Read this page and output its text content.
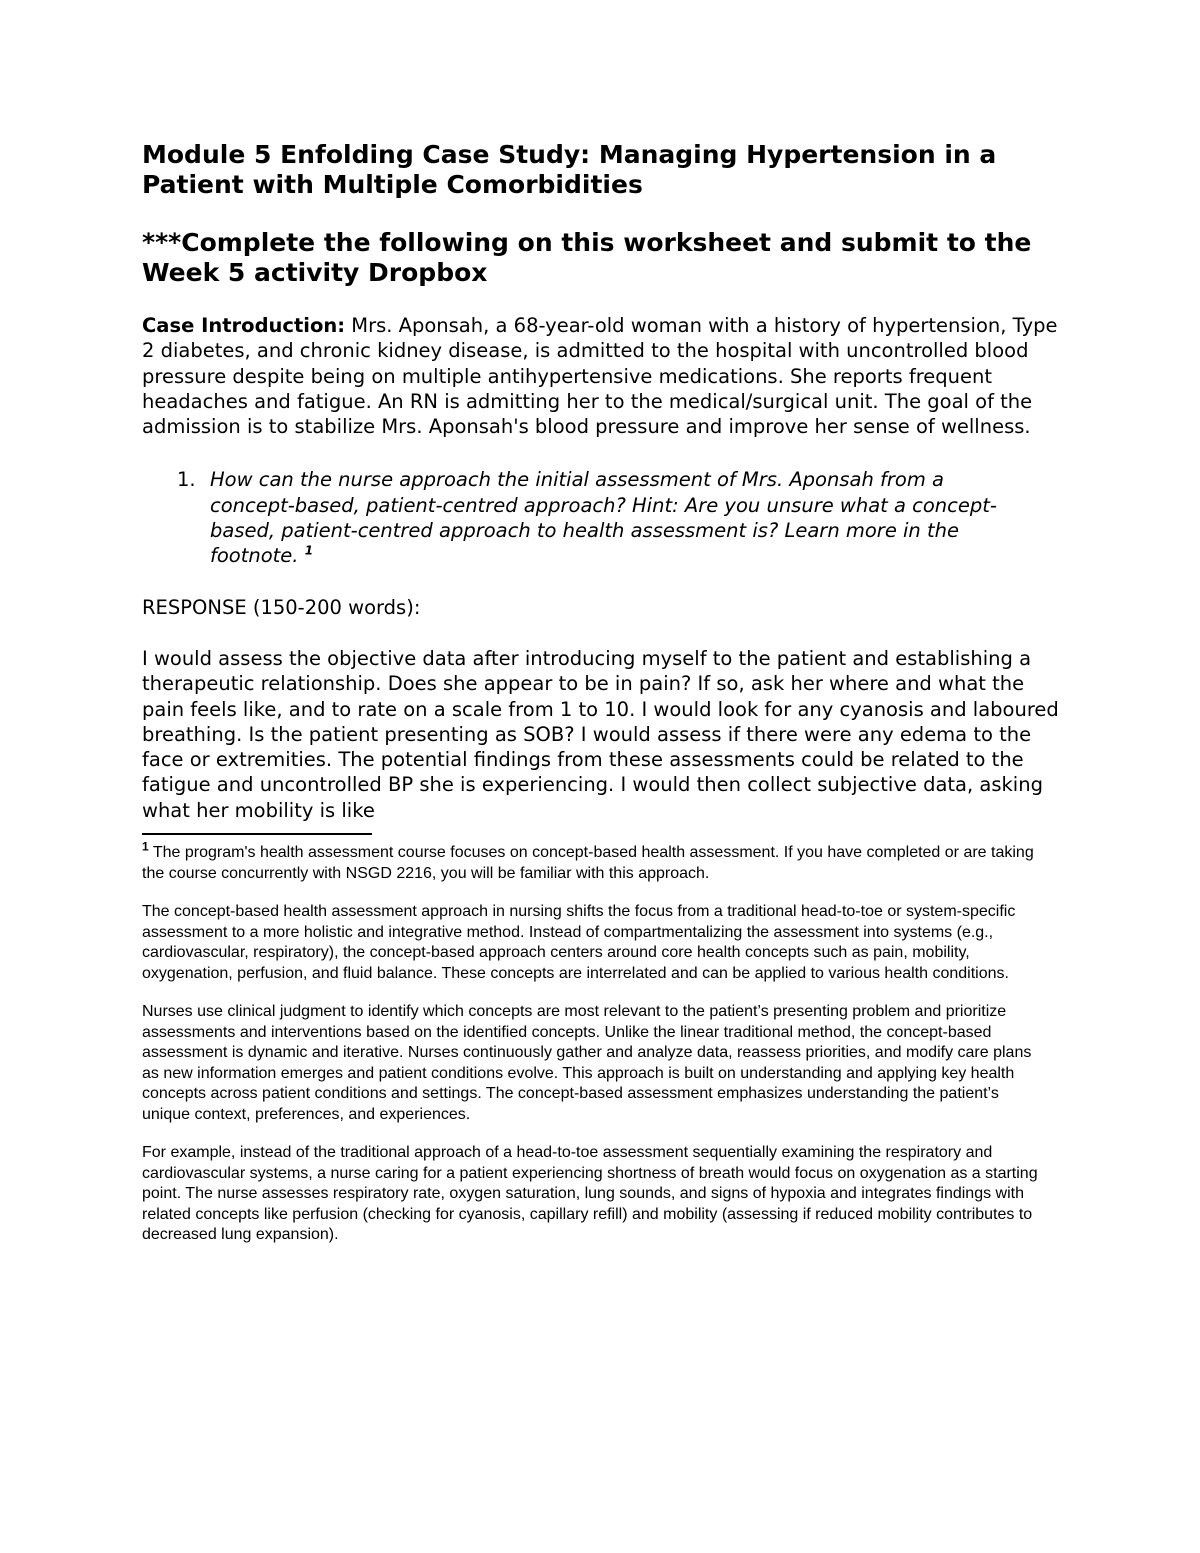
Module 5 Enfolding Case Study: Managing Hypertension in a Patient with Multiple Comorbidities
***Complete the following on this worksheet and submit to the Week 5 activity Dropbox

Case Introduction: Mrs. Aponsah, a 68-year-old woman with a history of hypertension, Type 2 diabetes, and chronic kidney disease, is admitted to the hospital with uncontrolled blood pressure despite being on multiple antihypertensive medications. She reports frequent headaches and fatigue. An RN is admitting her to the medical/surgical unit. The goal of the admission is to stabilize Mrs. Aponsah's blood pressure and improve her sense of wellness.

1. How can the nurse approach the initial assessment of Mrs. Aponsah from a concept-based, patient-centred approach? Hint: Are you unsure what a concept-based, patient-centred approach to health assessment is? Learn more in the footnote. $^1$

RESPONSE (150-200 words):

I would assess the objective data after introducing myself to the patient and establishing a therapeutic relationship. Does she appear to be in pain? If so, ask her where and what the pain feels like, and to rate on a scale from 1 to 10. I would look for any cyanosis and laboured breathing. Is the patient presenting as SOB? I would assess if there were any edema to the face or extremities. The potential findings from these assessments could be related to the fatigue and uncontrolled BP she is experiencing. I would then collect subjective data, asking what her mobility is like

$^1$ The program's health assessment course focuses on concept-based health assessment. If you have completed or are taking the course concurrently with NSGD 2216, you will be familiar with this approach.

The concept-based health assessment approach in nursing shifts the focus from a traditional head-to-toe or system-specific assessment to a more holistic and integrative method. Instead of compartmentalizing the assessment into systems (e.g., cardiovascular, respiratory), the concept-based approach centers around core health concepts such as pain, mobility, oxygenation, perfusion, and fluid balance. These concepts are interrelated and can be applied to various health conditions.

Nurses use clinical judgment to identify which concepts are most relevant to the patient’s presenting problem and prioritize assessments and interventions based on the identified concepts. Unlike the linear traditional method, the concept-based assessment is dynamic and iterative. Nurses continuously gather and analyze data, reassess priorities, and modify care plans as new information emerges and patient conditions evolve. This approach is built on understanding and applying key health concepts across patient conditions and settings. The concept-based assessment emphasizes understanding the patient’s unique context, preferences, and experiences.

For example, instead of the traditional approach of a head-to-toe assessment sequentially examining the respiratory and cardiovascular systems, a nurse caring for a patient experiencing shortness of breath would focus on oxygenation as a starting point. The nurse assesses respiratory rate, oxygen saturation, lung sounds, and signs of hypoxia and integrates findings with related concepts like perfusion (checking for cyanosis, capillary refill) and mobility (assessing if reduced mobility contributes to decreased lung expansion).
